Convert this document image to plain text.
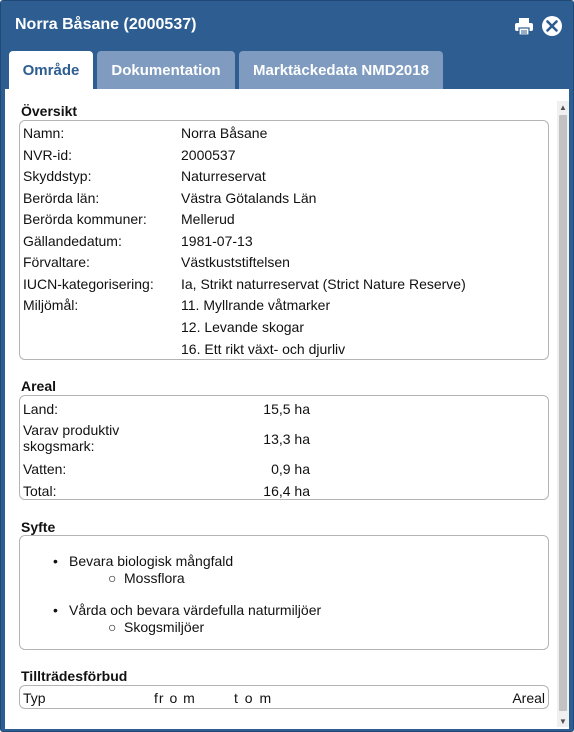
Norra Båsane (2000537)
Område	Dokumentation	Marktäckedata NMD2018
Översikt
Namn:	Norra Båsane
NVR-id:	2000537
Skyddstyp:	Naturreservat
Berörda län:	Västra Götalands Län
Berörda kommuner: Mellerud
Gällandedatum:	1981-07-13
Förvaltare:	Västkuststiftelsen
IUCN-kategorisering: Ia, Strikt naturreservat (Strict Nature Reserve)
Miljömål:	11. Myllrande våtmarker
12. Levande skogar
16. Ett rikt växt- och djurliv
Areal
Land:	15,5 ha
Varav produktiv skogsmark:	13,3 ha
Vatten:	0,9 ha
Total:	16,4 ha
Syfte
• Bevara biologisk mångfald
○ Mossflora
• Vårda och bevara värdefulla naturmiljöer
○ Skogsmiljöer
Tillträdesförbud
Typ	fr o m	t o m	Areal
▲
▼
